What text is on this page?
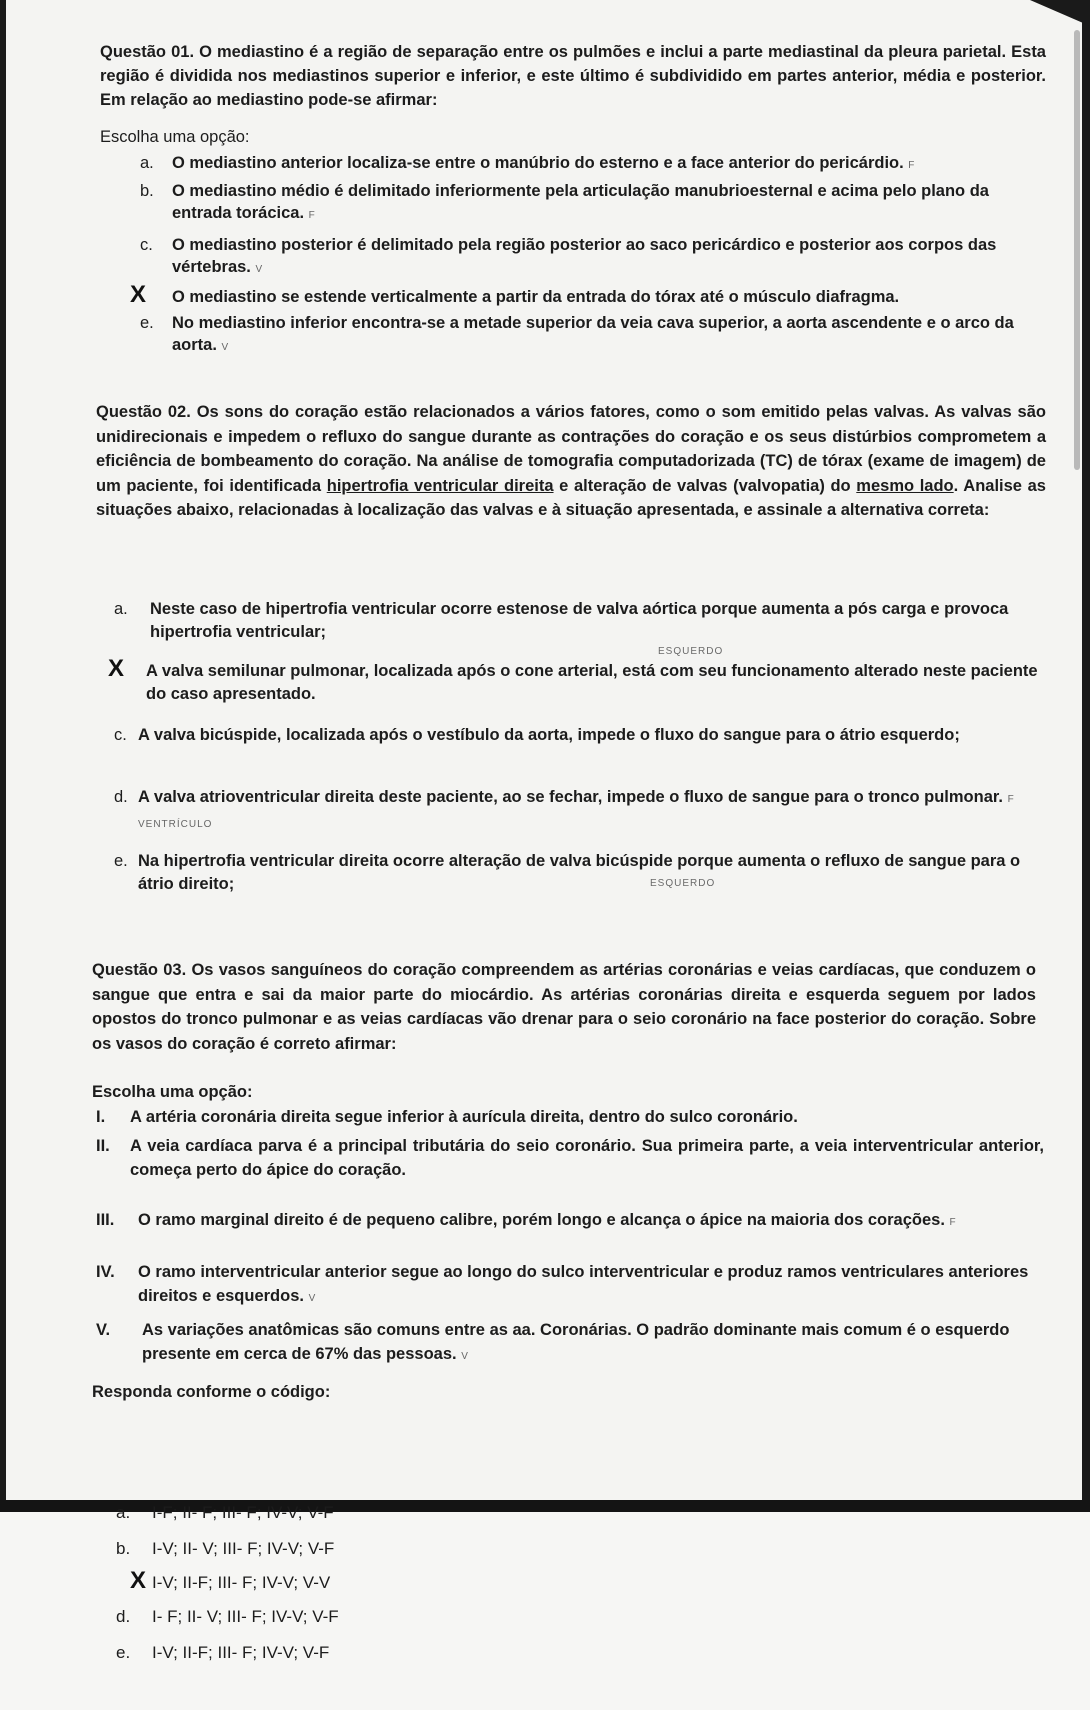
Questão 01. O mediastino é a região de separação entre os pulmões e inclui a parte mediastinal da pleura parietal. Esta região é dividida nos mediastinos superior e inferior, e este último é subdividido em partes anterior, média e posterior. Em relação ao mediastino pode-se afirmar:
Escolha uma opção:
a. O mediastino anterior localiza-se entre o manúbrio do esterno e a face anterior do pericárdio. F
b. O mediastino médio é delimitado inferiormente pela articulação manubrioesternal e acima pelo plano da entrada torácica. F
c. O mediastino posterior é delimitado pela região posterior ao saco pericárdico e posterior aos corpos das vértebras. V
X O mediastino se estende verticalmente a partir da entrada do tórax até o músculo diafragma.
e. No mediastino inferior encontra-se a metade superior da veia cava superior, a aorta ascendente e o arco da aorta. V
Questão 02. Os sons do coração estão relacionados a vários fatores, como o som emitido pelas valvas. As valvas são unidirecionais e impedem o refluxo do sangue durante as contrações do coração e os seus distúrbios comprometem a eficiência de bombeamento do coração. Na análise de tomografia computadorizada (TC) de tórax (exame de imagem) de um paciente, foi identificada hipertrofia ventricular direita e alteração de valvas (valvopatia) do mesmo lado. Analise as situações abaixo, relacionadas à localização das valvas e à situação apresentada, e assinale a alternativa correta:
a. Neste caso de hipertrofia ventricular ocorre estenose de valva aórtica porque aumenta a pós carga e provoca hipertrofia ventricular;
ESQUERDO
X A valva semilunar pulmonar, localizada após o cone arterial, está com seu funcionamento alterado neste paciente do caso apresentado.
c. A valva bicúspide, localizada após o vestíbulo da aorta, impede o fluxo do sangue para o átrio esquerdo;
d. A valva atrioventricular direita deste paciente, ao se fechar, impede o fluxo de sangue para o tronco pulmonar. F VENTRÍCULO
e. Na hipertrofia ventricular direita ocorre alteração de valva bicúspide porque aumenta o refluxo de sangue para o átrio direito;	ESQUERDO
Questão 03. Os vasos sanguíneos do coração compreendem as artérias coronárias e veias cardíacas, que conduzem o sangue que entra e sai da maior parte do miocárdio. As artérias coronárias direita e esquerda seguem por lados opostos do tronco pulmonar e as veias cardíacas vão drenar para o seio coronário na face posterior do coração. Sobre os vasos do coração é correto afirmar:
Escolha uma opção:
I. A artéria coronária direita segue inferior à aurícula direita, dentro do sulco coronário.
II. A veia cardíaca parva é a principal tributária do seio coronário. Sua primeira parte, a veia interventricular anterior, começa perto do ápice do coração.
III. O ramo marginal direito é de pequeno calibre, porém longo e alcança o ápice na maioria dos corações. F
IV. O ramo interventricular anterior segue ao longo do sulco interventricular e produz ramos ventriculares anteriores direitos e esquerdos. V
V. As variações anatômicas são comuns entre as aa. Coronárias. O padrão dominante mais comum é o esquerdo presente em cerca de 67% das pessoas. V
Responda conforme o código:
a. I-F; II- F; III- F; IV-V; V-F
b. I-V; II- V; III- F; IV-V; V-F
X I-V; II-F; III- F; IV-V; V-V
d. I- F; II- V; III- F; IV-V; V-F
e. I-V; II-F; III- F; IV-V; V-F
